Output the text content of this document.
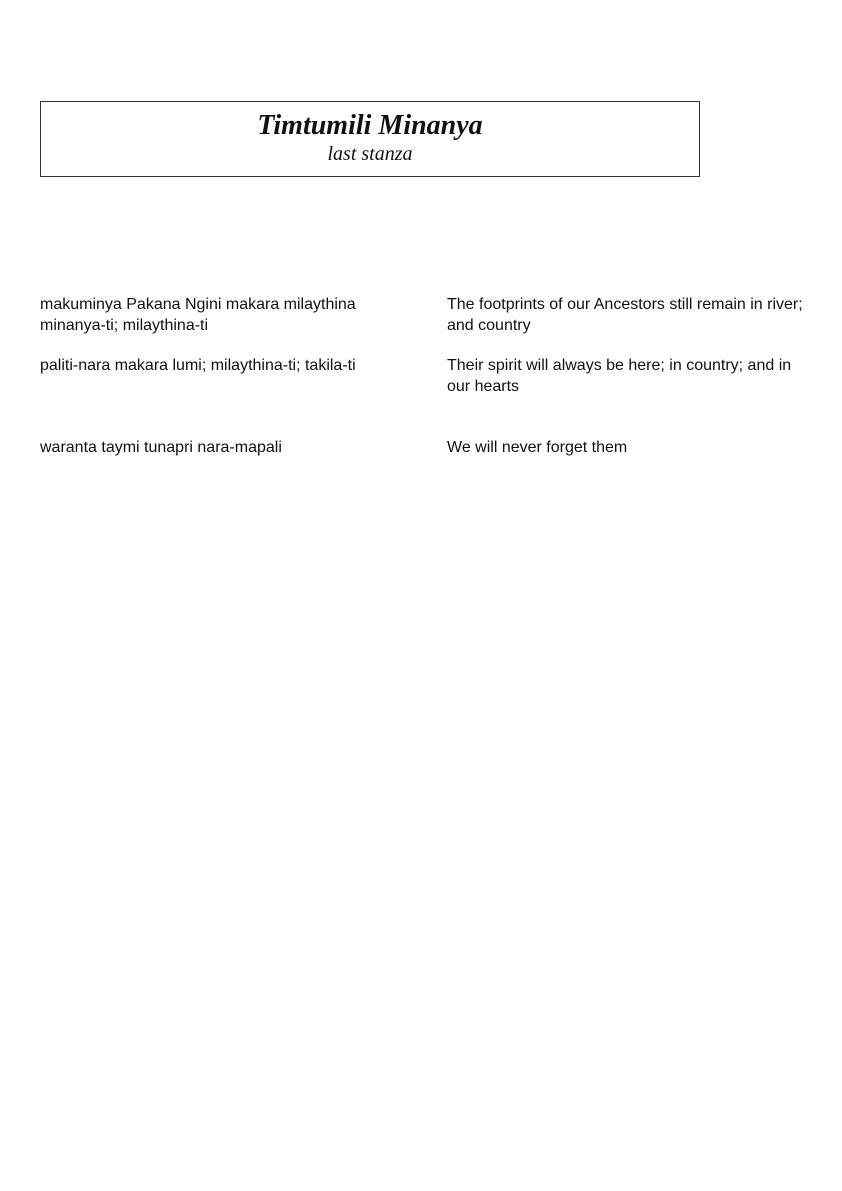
Timtumili Minanya
last stanza
makuminya Pakana Ngini makara milaythina minanya-ti; milaythina-ti
The footprints of our Ancestors still remain in river; and country
paliti-nara makara lumi; milaythina-ti; takila-ti	Their spirit will always be here; in country; and in our hearts
waranta taymi tunapri nara-mapali	We will never forget them
